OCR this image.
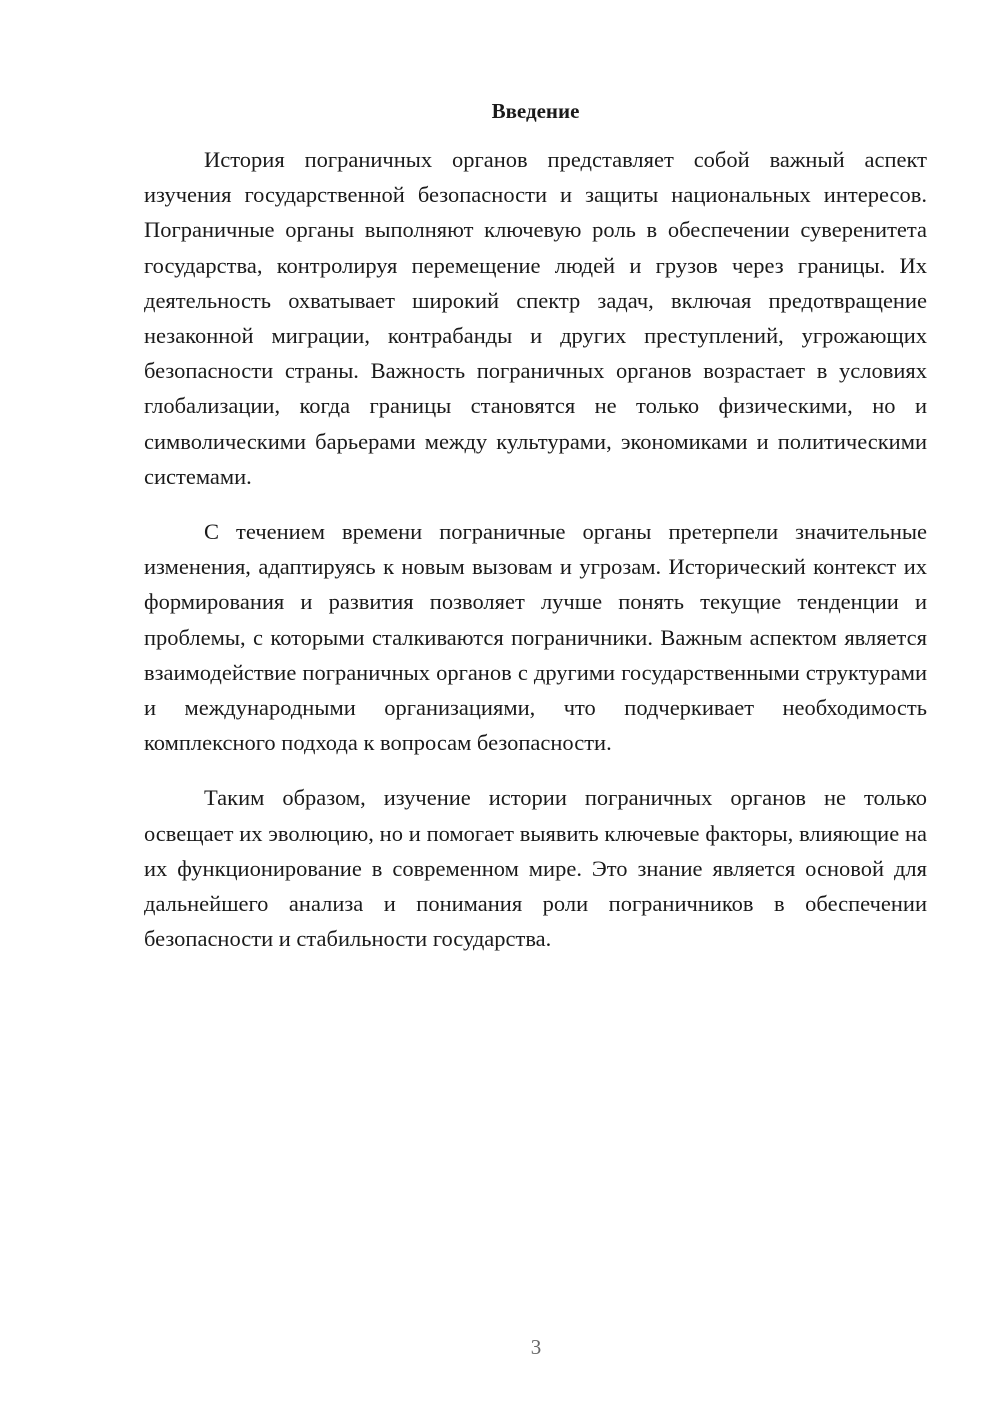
Введение

История пограничных органов представляет собой важный аспект изучения государственной безопасности и защиты национальных интересов. Пограничные органы выполняют ключевую роль в обеспечении суверенитета государства, контролируя перемещение людей и грузов через границы. Их деятельность охватывает широкий спектр задач, включая предотвращение незаконной миграции, контрабанды и других преступлений, угрожающих безопасности страны. Важность пограничных органов возрастает в условиях глобализации, когда границы становятся не только физическими, но и символическими барьерами между культурами, экономиками и политическими системами.

С течением времени пограничные органы претерпели значительные изменения, адаптируясь к новым вызовам и угрозам. Исторический контекст их формирования и развития позволяет лучше понять текущие тенденции и проблемы, с которыми сталкиваются пограничники. Важным аспектом является взаимодействие пограничных органов с другими государственными структурами и международными организациями, что подчеркивает необходимость комплексного подхода к вопросам безопасности.

Таким образом, изучение истории пограничных органов не только освещает их эволюцию, но и помогает выявить ключевые факторы, влияющие на их функционирование в современном мире. Это знание является основой для дальнейшего анализа и понимания роли пограничников в обеспечении безопасности и стабильности государства.

3
